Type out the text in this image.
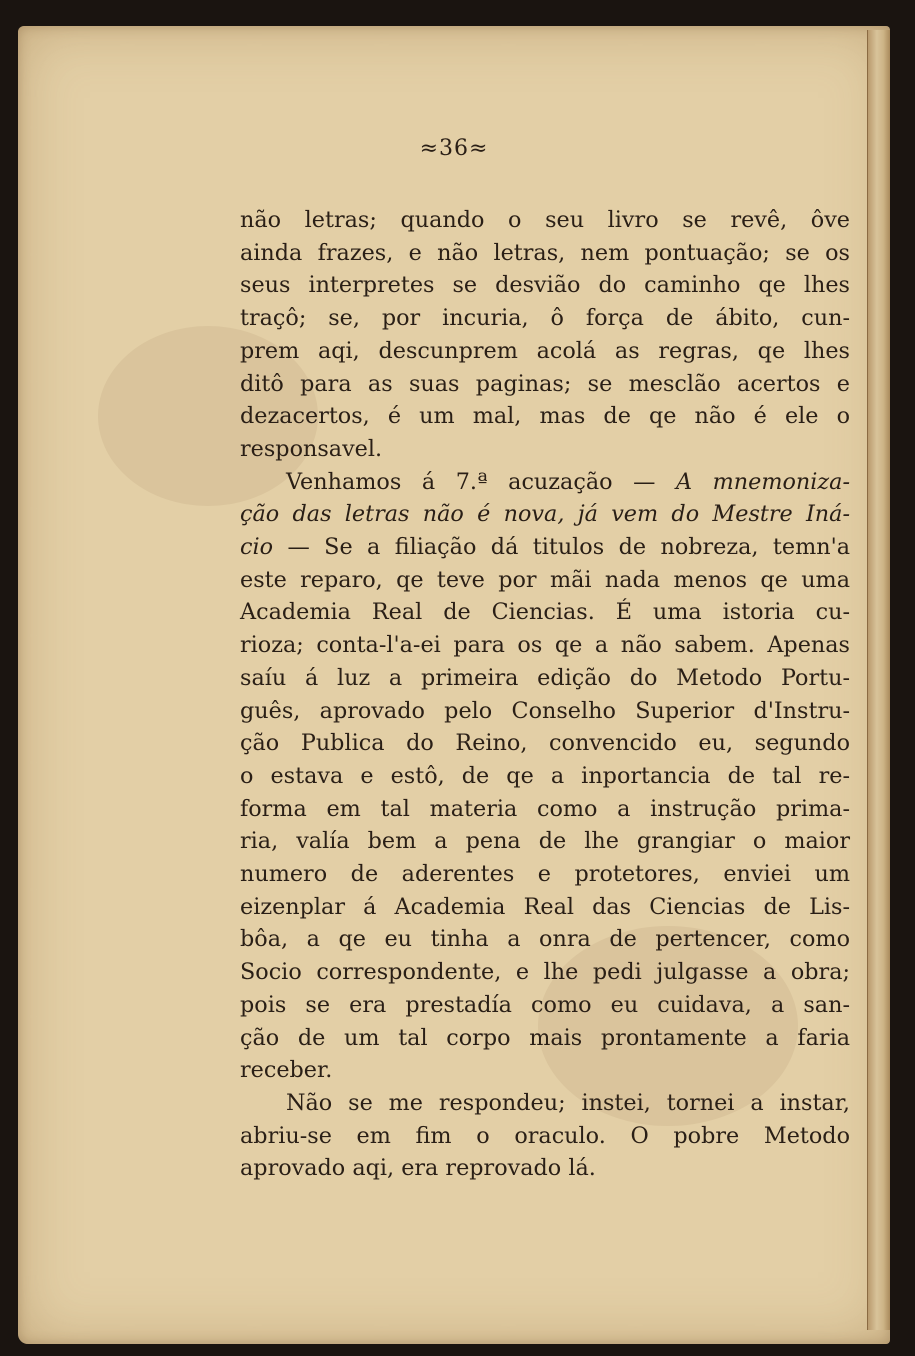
≈36≈
não letras; quando o seu livro se revê, ôve
ainda frazes, e não letras, nem pontuação; se os
seus interpretes se desvião do caminho qe lhes
traçô; se, por incuria, ô força de ábito, cun-
prem aqi, descunprem acolá as regras, qe lhes
ditô para as suas paginas; se mesclão acertos e
dezacertos, é um mal, mas de qe não é ele o
responsavel.
Venhamos á 7.ª acuzação — A mnemoniza-
ção das letras não é nova, já vem do Mestre Iná-
cio — Se a filiação dá titulos de nobreza, temn'a
este reparo, qe teve por mãi nada menos qe uma
Academia Real de Ciencias. É uma istoria cu-
rioza; conta-l'a-ei para os qe a não sabem. Apenas
saíu á luz a primeira edição do Metodo Portu-
guês, aprovado pelo Conselho Superior d'Instru-
ção Publica do Reino, convencido eu, segundo
o estava e estô, de qe a inportancia de tal re-
forma em tal materia como a instrução prima-
ria, valía bem a pena de lhe grangiar o maior
numero de aderentes e protetores, enviei um
eizenplar á Academia Real das Ciencias de Lis-
bôa, a qe eu tinha a onra de pertencer, como
Socio correspondente, e lhe pedi julgasse a obra;
pois se era prestadía como eu cuidava, a san-
ção de um tal corpo mais prontamente a faria
receber.
Não se me respondeu; instei, tornei a instar,
abriu-se em fim o oraculo. O pobre Metodo
aprovado aqi, era reprovado lá.
